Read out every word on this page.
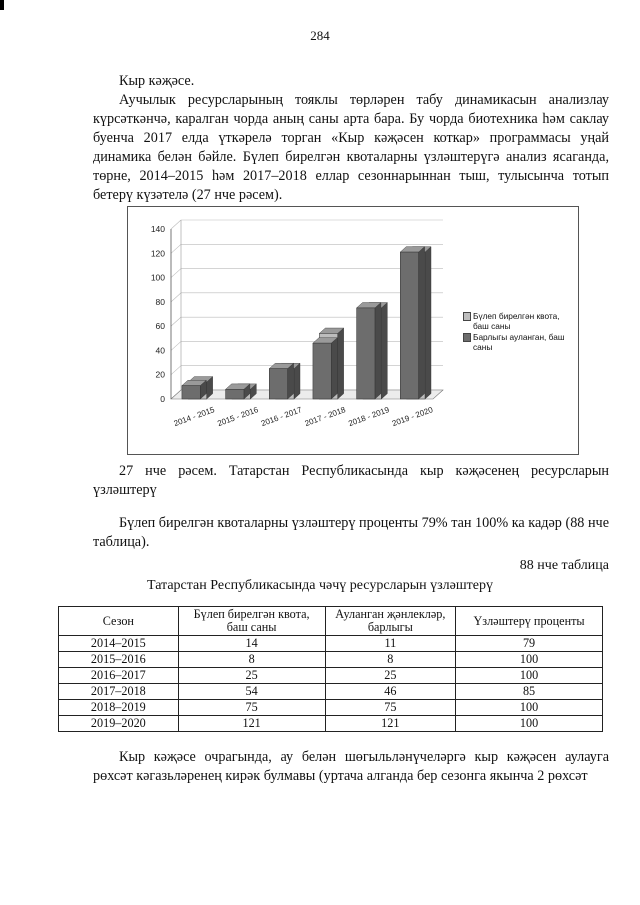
284

Кыр кәҗәсе.

Аучылык ресурсларының тояклы төрләрен табу динамикасын анализлау күрсәткәнчә, каралган чорда аның саны арта бара. Бу чорда биотехника һәм саклау буенча 2017 елда үткәрелә торган «Кыр кәҗәсен коткар» программасы уңай динамика белән бәйле. Бүлеп бирелгән квоталарны үзләштерүгә анализ ясаганда, төрне, 2014–2015 һәм 2017–2018 еллар сезоннарыннан тыш, тулысынча тотып бетерү күзәтелә (27 нче рәсем).

0
20
40
60
80
100
120
140
2014 - 2015 2015 - 2016 2016 - 2017 2017 - 2018 2018 - 2019 2019 - 2020
Бүлеп бирелгән квота, баш саны
Барлыгы ауланган, баш саны

27 нче рәсем. Татарстан Республикасында кыр кәҗәсенең ресурсларын үзләштерү

Бүлеп бирелгән квоталарны үзләштерү проценты 79% тан 100% ка кадәр (88 нче таблица).

88 нче таблица
Татарстан Республикасында чәчү ресурсларын үзләштерү
Сезон	Бүлеп бирелгән квота, баш саны	Ауланган җәнлекләр, барлыгы	Үзләштерү проценты
2014–2015	14	11	79
2015–2016	8	8	100
2016–2017	25	25	100
2017–2018	54	46	85
2018–2019	75	75	100
2019–2020	121	121	100

Кыр кәҗәсе очрагында, ау белән шөгыльләнүчеләргә кыр кәҗәсен аулауга рөхсәт кәгазьләренең кирәк булмавы (уртача алганда бер сезонга якынча 2 рөхсәт
